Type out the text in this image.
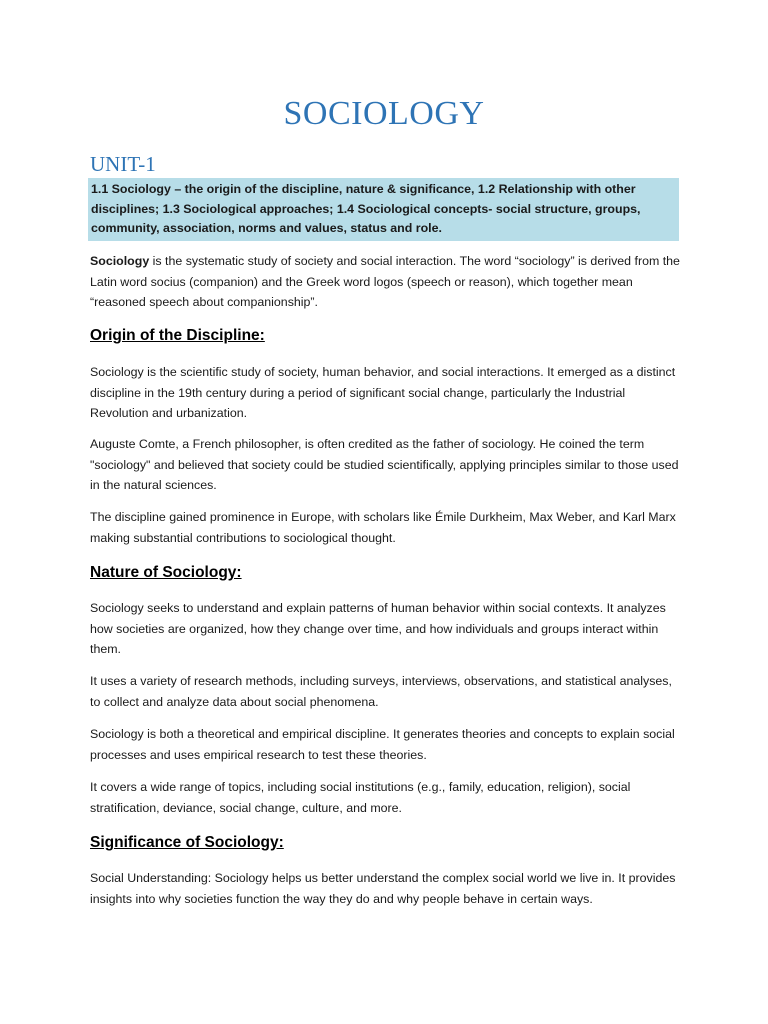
SOCIOLOGY
UNIT-1
1.1 Sociology – the origin of the discipline, nature & significance, 1.2 Relationship with other disciplines; 1.3 Sociological approaches; 1.4 Sociological concepts- social structure, groups, community, association, norms and values, status and role.

Sociology is the systematic study of society and social interaction. The word “sociology” is derived from the Latin word socius (companion) and the Greek word logos (speech or reason), which together mean “reasoned speech about companionship”.

Origin of the Discipline:

Sociology is the scientific study of society, human behavior, and social interactions. It emerged as a distinct discipline in the 19th century during a period of significant social change, particularly the Industrial Revolution and urbanization.

Auguste Comte, a French philosopher, is often credited as the father of sociology. He coined the term "sociology" and believed that society could be studied scientifically, applying principles similar to those used in the natural sciences.

The discipline gained prominence in Europe, with scholars like Émile Durkheim, Max Weber, and Karl Marx making substantial contributions to sociological thought.

Nature of Sociology:

Sociology seeks to understand and explain patterns of human behavior within social contexts. It analyzes how societies are organized, how they change over time, and how individuals and groups interact within them.

It uses a variety of research methods, including surveys, interviews, observations, and statistical analyses, to collect and analyze data about social phenomena.

Sociology is both a theoretical and empirical discipline. It generates theories and concepts to explain social processes and uses empirical research to test these theories.

It covers a wide range of topics, including social institutions (e.g., family, education, religion), social stratification, deviance, social change, culture, and more.

Significance of Sociology:

Social Understanding: Sociology helps us better understand the complex social world we live in. It provides insights into why societies function the way they do and why people behave in certain ways.
